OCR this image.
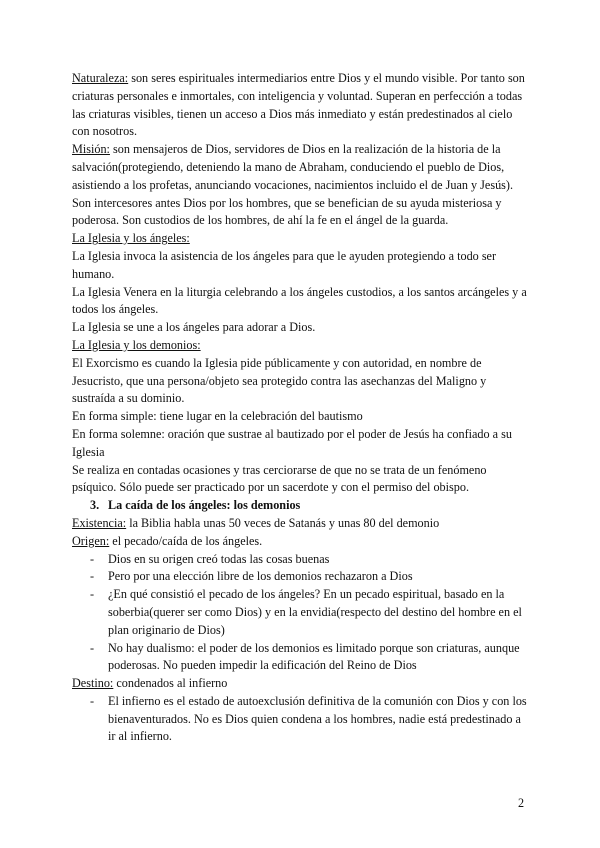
Naturaleza: son seres espirituales intermediarios entre Dios y el mundo visible. Por tanto son criaturas personales e inmortales, con inteligencia y voluntad. Superan en perfección a todas las criaturas visibles, tienen un acceso a Dios más inmediato y están predestinados al cielo con nosotros.

Misión: son mensajeros de Dios, servidores de Dios en la realización de la historia de la salvación(protegiendo, deteniendo la mano de Abraham, conduciendo el pueblo de Dios, asistiendo a los profetas, anunciando vocaciones, nacimientos incluido el de Juan y Jesús). Son intercesores antes Dios por los hombres, que se benefician de su ayuda misteriosa y poderosa. Son custodios de los hombres, de ahí la fe en el ángel de la guarda.

La Iglesia y los ángeles:

La Iglesia invoca la asistencia de los ángeles para que le ayuden protegiendo a todo ser humano.

La Iglesia Venera en la liturgia celebrando a los ángeles custodios, a los santos arcángeles y a todos los ángeles.

La Iglesia se une a los ángeles para adorar a Dios.

La Iglesia y los demonios:

El Exorcismo es cuando la Iglesia pide públicamente y con autoridad, en nombre de Jesucristo, que una persona/objeto sea protegido contra las asechanzas del Maligno y sustraída a su dominio.

En forma simple: tiene lugar en la celebración del bautismo

En forma solemne: oración que sustrae al bautizado por el poder de Jesús ha confiado a su Iglesia

Se realiza en contadas ocasiones y tras cerciorarse de que no se trata de un fenómeno psíquico. Sólo puede ser practicado por un sacerdote y con el permiso del obispo.

3. La caída de los ángeles: los demonios

Existencia: la Biblia habla unas 50 veces de Satanás y unas 80 del demonio

Origen: el pecado/caída de los ángeles.

- Dios en su origen creó todas las cosas buenas
- Pero por una elección libre de los demonios rechazaron a Dios
- ¿En qué consistió el pecado de los ángeles? En un pecado espiritual, basado en la soberbia(querer ser como Dios) y en la envidia(respecto del destino del hombre en el plan originario de Dios)
- No hay dualismo: el poder de los demonios es limitado porque son criaturas, aunque poderosas. No pueden impedir la edificación del Reino de Dios

Destino: condenados al infierno

- El infierno es el estado de autoexclusión definitiva de la comunión con Dios y con los bienaventurados. No es Dios quien condena a los hombres, nadie está predestinado a ir al infierno.
2
